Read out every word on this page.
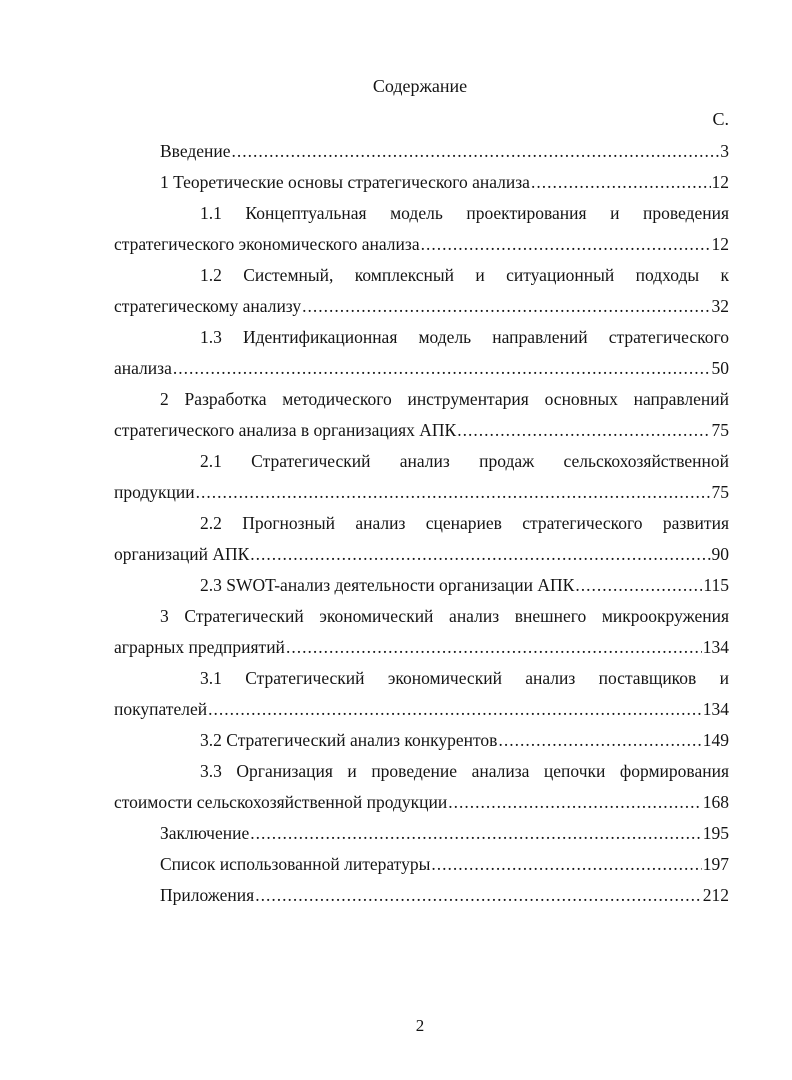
Содержание
С.
Введение .....	3
1 Теоретические основы стратегического анализа .....	12
1.1 Концептуальная модель проектирования и проведения
стратегического экономического анализа .....	12
1.2 Системный, комплексный и ситуационный подходы к
стратегическому анализу .....	32
1.3 Идентификационная модель направлений стратегического
анализа .....	50
2 Разработка методического инструментария основных направлений
стратегического анализа в организациях АПК .....	75
2.1 Стратегический анализ продаж сельскохозяйственной
продукции .....	75
2.2 Прогнозный анализ сценариев стратегического развития
организаций АПК .....	90
2.3 SWOT-анализ деятельности организации АПК .....	115
3 Стратегический экономический анализ внешнего микроокружения
аграрных предприятий .....	134
3.1 Стратегический экономический анализ поставщиков и
покупателей .....	134
3.2 Стратегический анализ конкурентов .....	149
3.3 Организация и проведение анализа цепочки формирования
стоимости сельскохозяйственной продукции .....	168
Заключение .....	195
Список использованной литературы .....	197
Приложения .....	212
2
